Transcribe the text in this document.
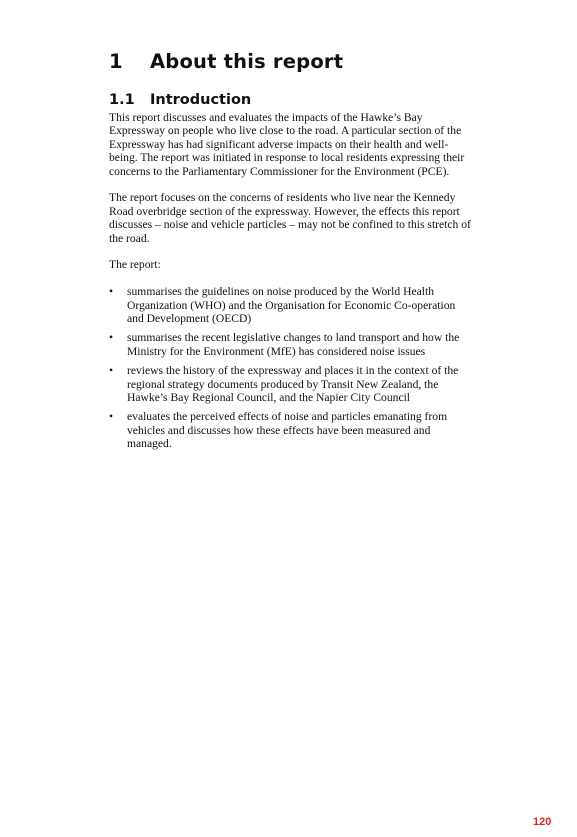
1 About this report
1.1 Introduction

This report discusses and evaluates the impacts of the Hawke’s Bay Expressway on people who live close to the road. A particular section of the Expressway has had significant adverse impacts on their health and well-being. The report was initiated in response to local residents expressing their concerns to the Parliamentary Commissioner for the Environment (PCE).

The report focuses on the concerns of residents who live near the Kennedy Road overbridge section of the expressway. However, the effects this report discusses – noise and vehicle particles – may not be confined to this stretch of the road.

The report:

•	summarises the guidelines on noise produced by the World Health Organization (WHO) and the Organisation for Economic Co-operation and Development (OECD)
•	summarises the recent legislative changes to land transport and how the Ministry for the Environment (MfE) has considered noise issues
•	reviews the history of the expressway and places it in the context of the regional strategy documents produced by Transit New Zealand, the Hawke’s Bay Regional Council, and the Napier City Council
•	evaluates the perceived effects of noise and particles emanating from vehicles and discusses how these effects have been measured and managed.
120
